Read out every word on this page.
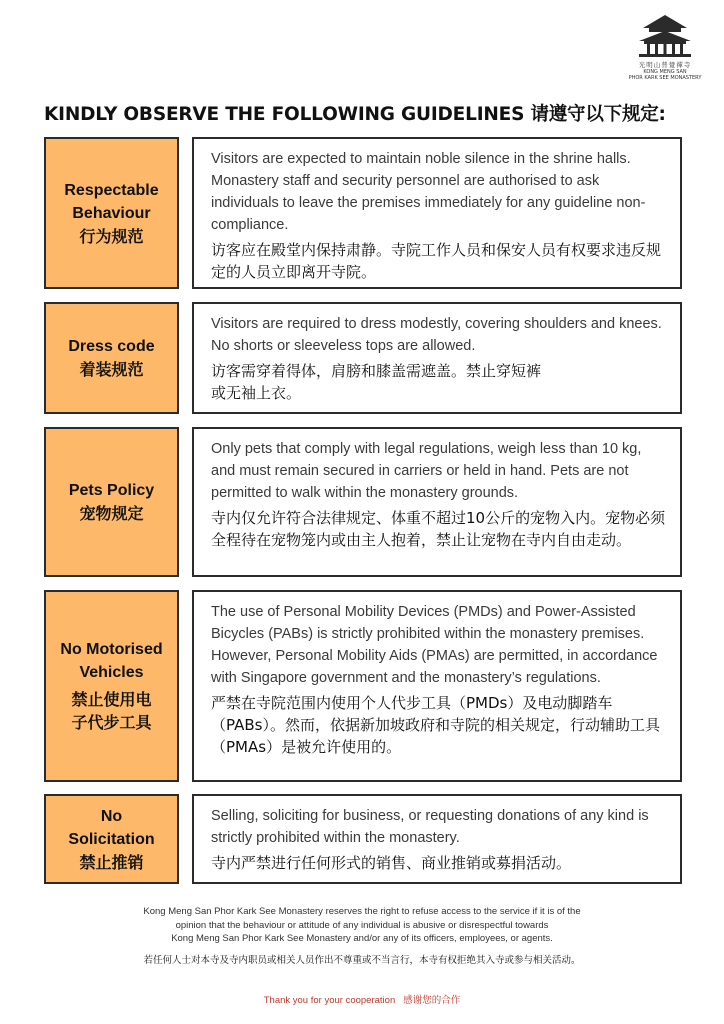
光明山普覺禪寺
KONG MENG SAN
PHOR KARK SEE MONASTERY
KINDLY OBSERVE THE FOLLOWING GUIDELINES 请遵守以下规定:
Respectable Behaviour
行为规范
Visitors are expected to maintain noble silence in the shrine halls. Monastery staff and security personnel are authorised to ask individuals to leave the premises immediately for any guideline non-compliance.
访客应在殿堂内保持肃静。寺院工作人员和保安人员有权要求违反规定的人员立即离开寺院。
Dress code
着装规范
Visitors are required to dress modestly, covering shoulders and knees. No shorts or sleeveless tops are allowed.
访客需穿着得体，肩膀和膝盖需遮盖。禁止穿短裤或无袖上衣。
Pets Policy
宠物规定
Only pets that comply with legal regulations, weigh less than 10 kg, and must remain secured in carriers or held in hand. Pets are not permitted to walk within the monastery grounds.
寺内仅允许符合法律规定、体重不超过10公斤的宠物入内。宠物必须全程待在宠物笼内或由主人抱着，禁止让宠物在寺内自由走动。
No Motorised Vehicles
禁止使用电子代步工具
The use of Personal Mobility Devices (PMDs) and Power-Assisted Bicycles (PABs) is strictly prohibited within the monastery premises. However, Personal Mobility Aids (PMAs) are permitted, in accordance with Singapore government and the monastery’s regulations.
严禁在寺院范围内使用个人代步工具（PMDs）及电动脚踏车（PABs）。然而，依据新加坡政府和寺院的相关规定，行动辅助工具（PMAs）是被允许使用的。
No Solicitation
禁止推销
Selling, soliciting for business, or requesting donations of any kind is strictly prohibited within the monastery.
寺内严禁进行任何形式的销售、商业推销或募捐活动。
Kong Meng San Phor Kark See Monastery reserves the right to refuse access to the service if it is of the
opinion that the behaviour or attitude of any individual is abusive or disrespectful towards
Kong Meng San Phor Kark See Monastery and/or any of its officers, employees, or agents.
若任何人士对本寺及寺内职员或相关人员作出不尊重或不当言行，本寺有权拒绝其入寺或参与相关活动。
Thank you for your cooperation 感谢您的合作
